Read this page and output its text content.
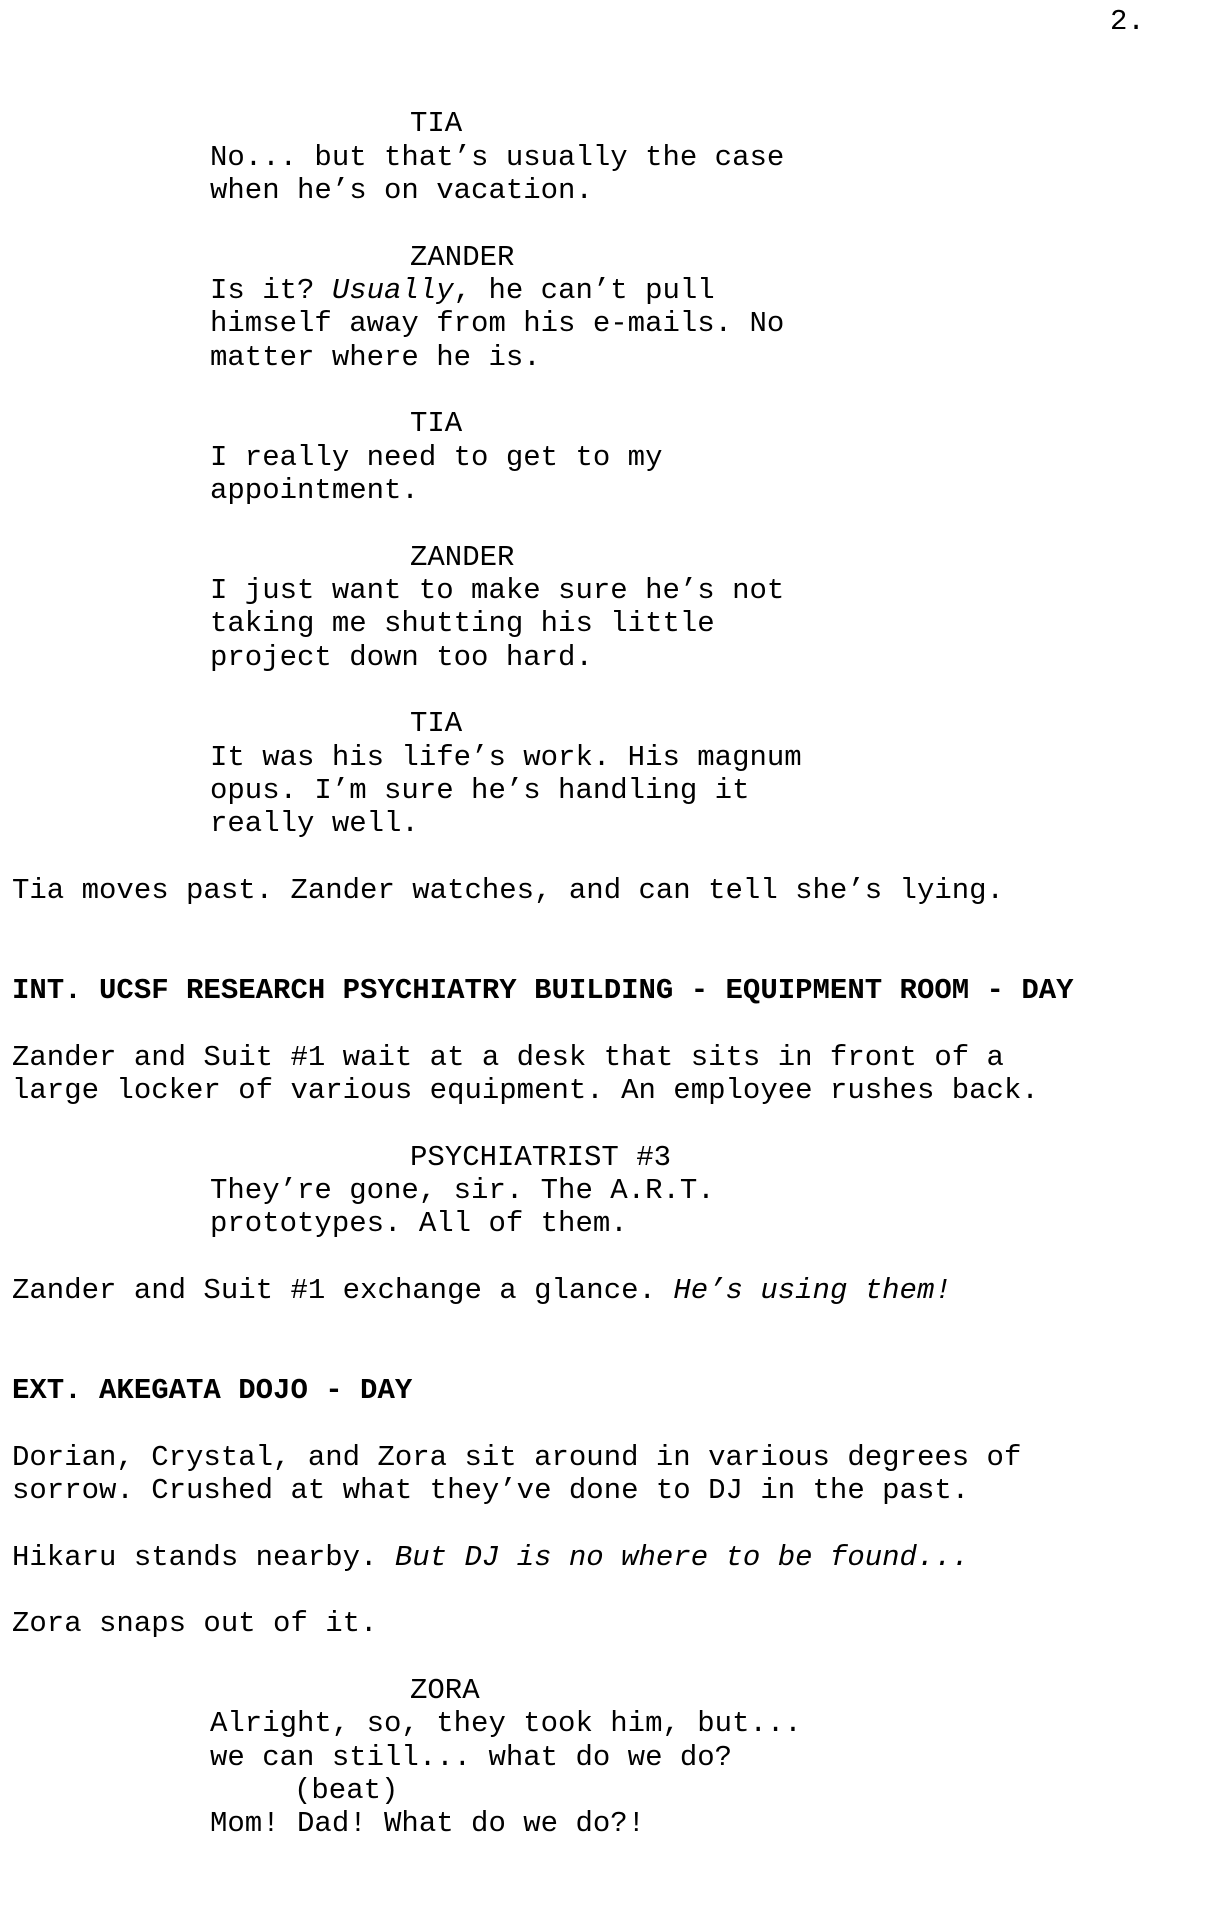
2.
TIA
No... but that’s usually the case
when he’s on vacation.
ZANDER
Is it? Usually, he can’t pull
himself away from his e-mails. No
matter where he is.
TIA
I really need to get to my
appointment.
ZANDER
I just want to make sure he’s not
taking me shutting his little
project down too hard.
TIA
It was his life’s work. His magnum
opus. I’m sure he’s handling it
really well.
Tia moves past. Zander watches, and can tell she’s lying.
INT. UCSF RESEARCH PSYCHIATRY BUILDING - EQUIPMENT ROOM - DAY
Zander and Suit #1 wait at a desk that sits in front of a
large locker of various equipment. An employee rushes back.
PSYCHIATRIST #3
They’re gone, sir. The A.R.T.
prototypes. All of them.
Zander and Suit #1 exchange a glance. He’s using them!
EXT. AKEGATA DOJO - DAY
Dorian, Crystal, and Zora sit around in various degrees of
sorrow. Crushed at what they’ve done to DJ in the past.
Hikaru stands nearby. But DJ is no where to be found...
Zora snaps out of it.
ZORA
Alright, so, they took him, but...
we can still... what do we do?
(beat)
Mom! Dad! What do we do?!
